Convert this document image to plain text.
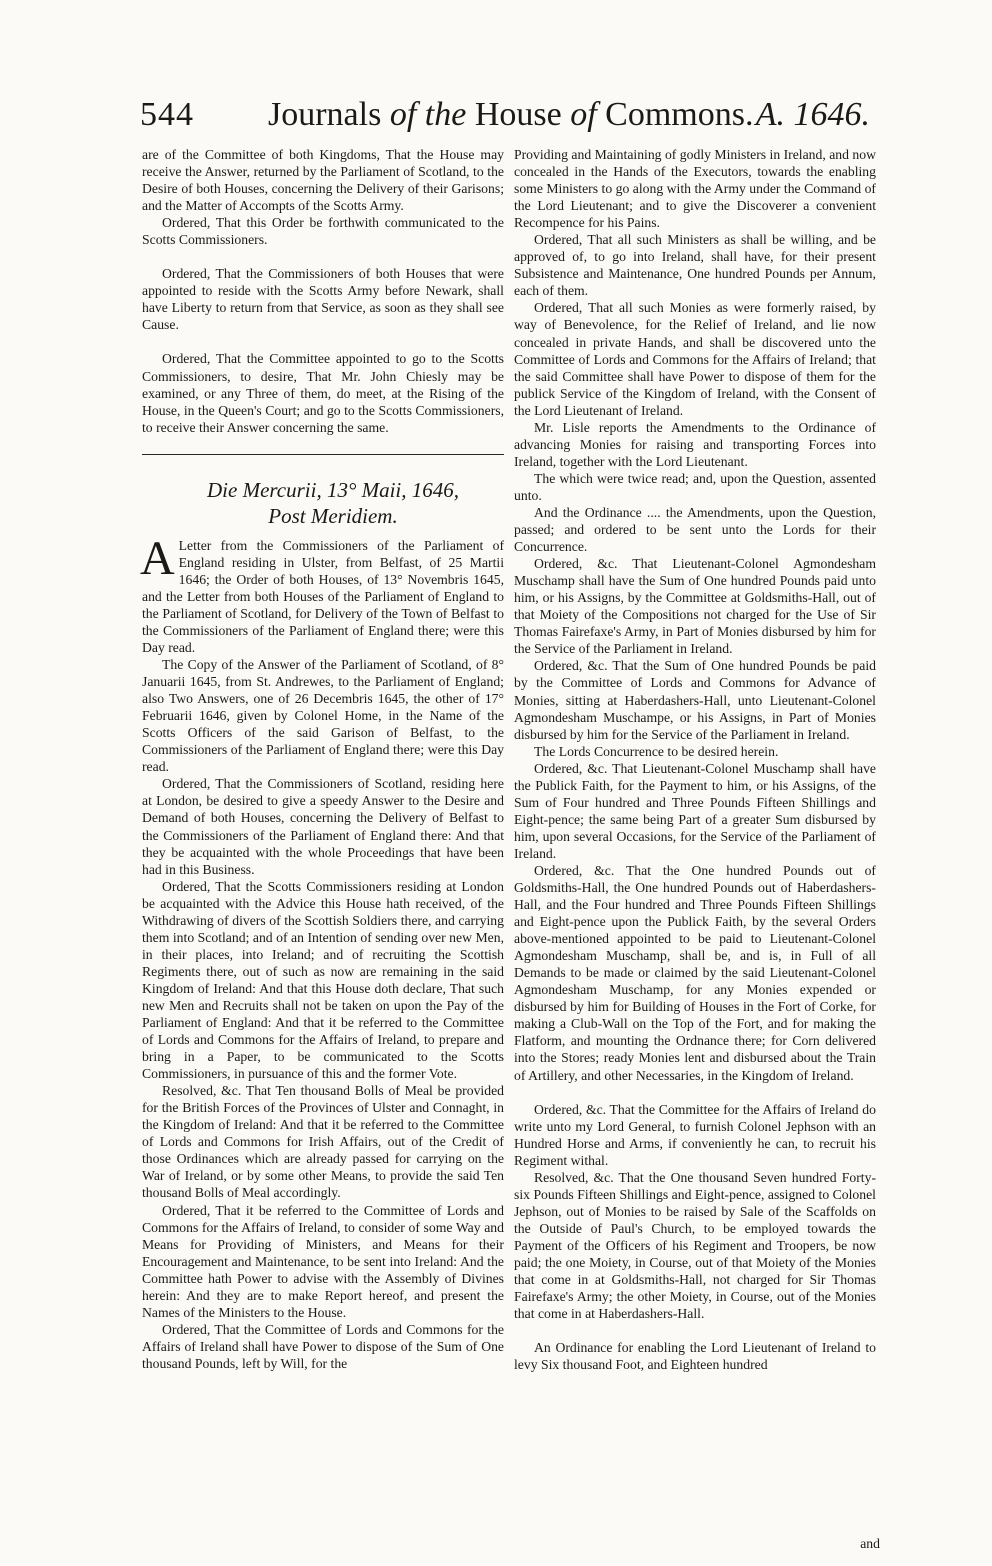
544 Journals of the House of Commons. A. 1646.

are of the Committee of both Kingdoms, That the House may receive the Answer, returned by the Parliament of Scotland, to the Desire of both Houses, concerning the Delivery of their Garisons; and the Matter of Accompts of the Scotts Army.

Ordered, That this Order be forthwith communicated to the Scotts Commissioners.

Ordered, That the Commissioners of both Houses that were appointed to reside with the Scotts Army before Newark, shall have Liberty to return from that Service, as soon as they shall see Cause.

Ordered, That the Committee appointed to go to the Scotts Commissioners, to desire, That Mr. John Chiesly may be examined, or any Three of them, do meet, at the Rising of the House, in the Queen's Court; and go to the Scotts Commissioners, to receive their Answer concerning the same.

Die Mercurii, 13° Maii, 1646,
Post Meridiem.

A Letter from the Commissioners of the Parliament of England residing in Ulster, from Belfast, of 25 Martii 1646; the Order of both Houses, of 13° Novembris 1645, and the Letter from both Houses of the Parliament of England to the Parliament of Scotland, for Delivery of the Town of Belfast to the Commissioners of the Parliament of England there; were this Day read.

The Copy of the Answer of the Parliament of Scotland, of 8° Januarii 1645, from St. Andrewes, to the Parliament of England; also Two Answers, one of 26 Decembris 1645, the other of 17° Februarii 1646, given by Colonel Home, in the Name of the Scotts Officers of the said Garison of Belfast, to the Commissioners of the Parliament of England there; were this Day read.

Ordered, That the Commissioners of Scotland, residing here at London, be desired to give a speedy Answer to the Desire and Demand of both Houses, concerning the Delivery of Belfast to the Commissioners of the Parliament of England there: And that they be acquainted with the whole Proceedings that have been had in this Business.

Ordered, That the Scotts Commissioners residing at London be acquainted with the Advice this House hath received, of the Withdrawing of divers of the Scottish Soldiers there, and carrying them into Scotland; and of an Intention of sending over new Men, in their places, into Ireland; and of recruiting the Scottish Regiments there, out of such as now are remaining in the said Kingdom of Ireland: And that this House doth declare, That such new Men and Recruits shall not be taken on upon the Pay of the Parliament of England: And that it be referred to the Committee of Lords and Commons for the Affairs of Ireland, to prepare and bring in a Paper, to be communicated to the Scotts Commissioners, in pursuance of this and the former Vote.

Resolved, &c. That Ten thousand Bolls of Meal be provided for the British Forces of the Provinces of Ulster and Connaght, in the Kingdom of Ireland: And that it be referred to the Committee of Lords and Commons for Irish Affairs, out of the Credit of those Ordinances which are already passed for carrying on the War of Ireland, or by some other Means, to provide the said Ten thousand Bolls of Meal accordingly.

Ordered, That it be referred to the Committee of Lords and Commons for the Affairs of Ireland, to consider of some Way and Means for Providing of Ministers, and Means for their Encouragement and Maintenance, to be sent into Ireland: And the Committee hath Power to advise with the Assembly of Divines herein: And they are to make Report hereof, and present the Names of the Ministers to the House.

Ordered, That the Committee of Lords and Commons for the Affairs of Ireland shall have Power to dispose of the Sum of One thousand Pounds, left by Will, for the

Providing and Maintaining of godly Ministers in Ireland, and now concealed in the Hands of the Executors, towards the enabling some Ministers to go along with the Army under the Command of the Lord Lieutenant; and to give the Discoverer a convenient Recompence for his Pains.

Ordered, That all such Ministers as shall be willing, and be approved of, to go into Ireland, shall have, for their present Subsistence and Maintenance, One hundred Pounds per Annum, each of them.

Ordered, That all such Monies as were formerly raised, by way of Benevolence, for the Relief of Ireland, and lie now concealed in private Hands, and shall be discovered unto the Committee of Lords and Commons for the Affairs of Ireland; that the said Committee shall have Power to dispose of them for the publick Service of the Kingdom of Ireland, with the Consent of the Lord Lieutenant of Ireland.

Mr. Lisle reports the Amendments to the Ordinance of advancing Monies for raising and transporting Forces into Ireland, together with the Lord Lieutenant.

The which were twice read; and, upon the Question, assented unto.

And the Ordinance .... the Amendments, upon the Question, passed; and ordered to be sent unto the Lords for their Concurrence.

Ordered, &c. That Lieutenant-Colonel Agmondesham Muschamp shall have the Sum of One hundred Pounds paid unto him, or his Assigns, by the Committee at Goldsmiths-Hall, out of that Moiety of the Compositions not charged for the Use of Sir Thomas Fairefaxe's Army, in Part of Monies disbursed by him for the Service of the Parliament in Ireland.

Ordered, &c. That the Sum of One hundred Pounds be paid by the Committee of Lords and Commons for Advance of Monies, sitting at Haberdashers-Hall, unto Lieutenant-Colonel Agmondesham Muschampe, or his Assigns, in Part of Monies disbursed by him for the Service of the Parliament in Ireland.

The Lords Concurrence to be desired herein.

Ordered, &c. That Lieutenant-Colonel Muschamp shall have the Publick Faith, for the Payment to him, or his Assigns, of the Sum of Four hundred and Three Pounds Fifteen Shillings and Eight-pence; the same being Part of a greater Sum disbursed by him, upon several Occasions, for the Service of the Parliament of Ireland.

Ordered, &c. That the One hundred Pounds out of Goldsmiths-Hall, the One hundred Pounds out of Haberdashers-Hall, and the Four hundred and Three Pounds Fifteen Shillings and Eight-pence upon the Publick Faith, by the several Orders above-mentioned appointed to be paid to Lieutenant-Colonel Agmondesham Muschamp, shall be, and is, in Full of all Demands to be made or claimed by the said Lieutenant-Colonel Agmondesham Muschamp, for any Monies expended or disbursed by him for Building of Houses in the Fort of Corke, for making a Club-Wall on the Top of the Fort, and for making the Flatform, and mounting the Ordnance there; for Corn delivered into the Stores; ready Monies lent and disbursed about the Train of Artillery, and other Necessaries, in the Kingdom of Ireland.

Ordered, &c. That the Committee for the Affairs of Ireland do write unto my Lord General, to furnish Colonel Jephson with an Hundred Horse and Arms, if conveniently he can, to recruit his Regiment withal.

Resolved, &c. That the One thousand Seven hundred Forty-six Pounds Fifteen Shillings and Eight-pence, assigned to Colonel Jephson, out of Monies to be raised by Sale of the Scaffolds on the Outside of Paul's Church, to be employed towards the Payment of the Officers of his Regiment and Troopers, be now paid; the one Moiety, in Course, out of that Moiety of the Monies that come in at Goldsmiths-Hall, not charged for Sir Thomas Fairefaxe's Army; the other Moiety, in Course, out of the Monies that come in at Haberdashers-Hall.

An Ordinance for enabling the Lord Lieutenant of Ireland to levy Six thousand Foot, and Eighteen hundred

and
